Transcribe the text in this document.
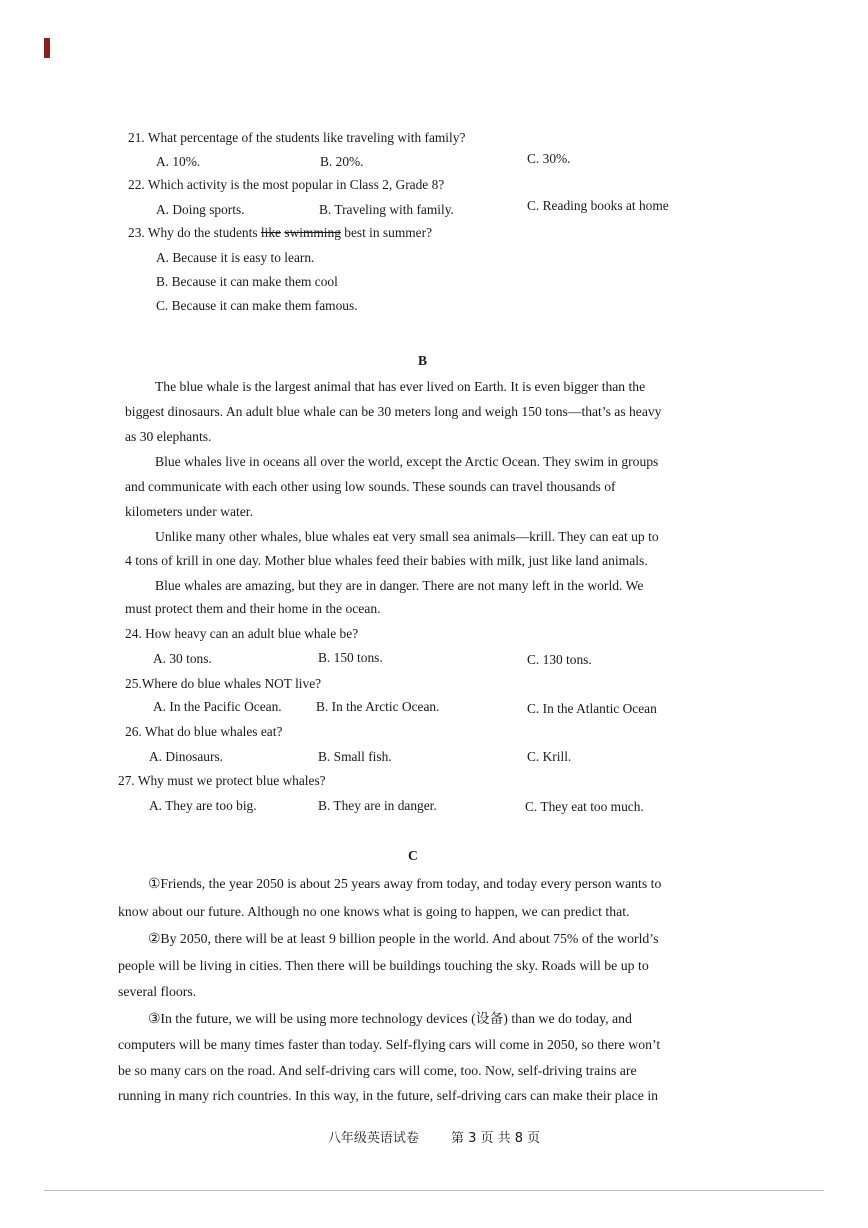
21. What percentage of the students like traveling with family?
A. 10%.	B. 20%.	C. 30%.
22. Which activity is the most popular in Class 2, Grade 8?
A. Doing sports.	B. Traveling with family.	C. Reading books at home
23. Why do the students like swimming best in summer?
A. Because it is easy to learn.
B. Because it can make them cool
C. Because it can make them famous.
B
The blue whale is the largest animal that has ever lived on Earth. It is even bigger than the
biggest dinosaurs. An adult blue whale can be 30 meters long and weigh 150 tons—that’s as heavy
as 30 elephants.
Blue whales live in oceans all over the world, except the Arctic Ocean. They swim in groups
and communicate with each other using low sounds. These sounds can travel thousands of
kilometers under water.
Unlike many other whales, blue whales eat very small sea animals—krill. They can eat up to
4 tons of krill in one day. Mother blue whales feed their babies with milk, just like land animals.
Blue whales are amazing, but they are in danger. There are not many left in the world. We
must protect them and their home in the ocean.
24. How heavy can an adult blue whale be?
A. 30 tons.	B. 150 tons.	C. 130 tons.
25.Where do blue whales NOT live?
A. In the Pacific Ocean.	B. In the Arctic Ocean.	C. In the Atlantic Ocean
26. What do blue whales eat?
A. Dinosaurs.	B. Small fish.	C. Krill.
27. Why must we protect blue whales?
A. They are too big.	B. They are in danger.	C. They eat too much.
C
①Friends, the year 2050 is about 25 years away from today, and today every person wants to
know about our future. Although no one knows what is going to happen, we can predict that.
②By 2050, there will be at least 9 billion people in the world. And about 75% of the world’s
people will be living in cities. Then there will be buildings touching the sky. Roads will be up to
several floors.
③In the future, we will be using more technology devices (设备) than we do today, and
computers will be many times faster than today. Self-flying cars will come in 2050, so there won’t
be so many cars on the road. And self-driving cars will come, too. Now, self-driving trains are
running in many rich countries. In this way, in the future, self-driving cars can make their place in
八年级英语试卷 第 3 页 共 8 页
